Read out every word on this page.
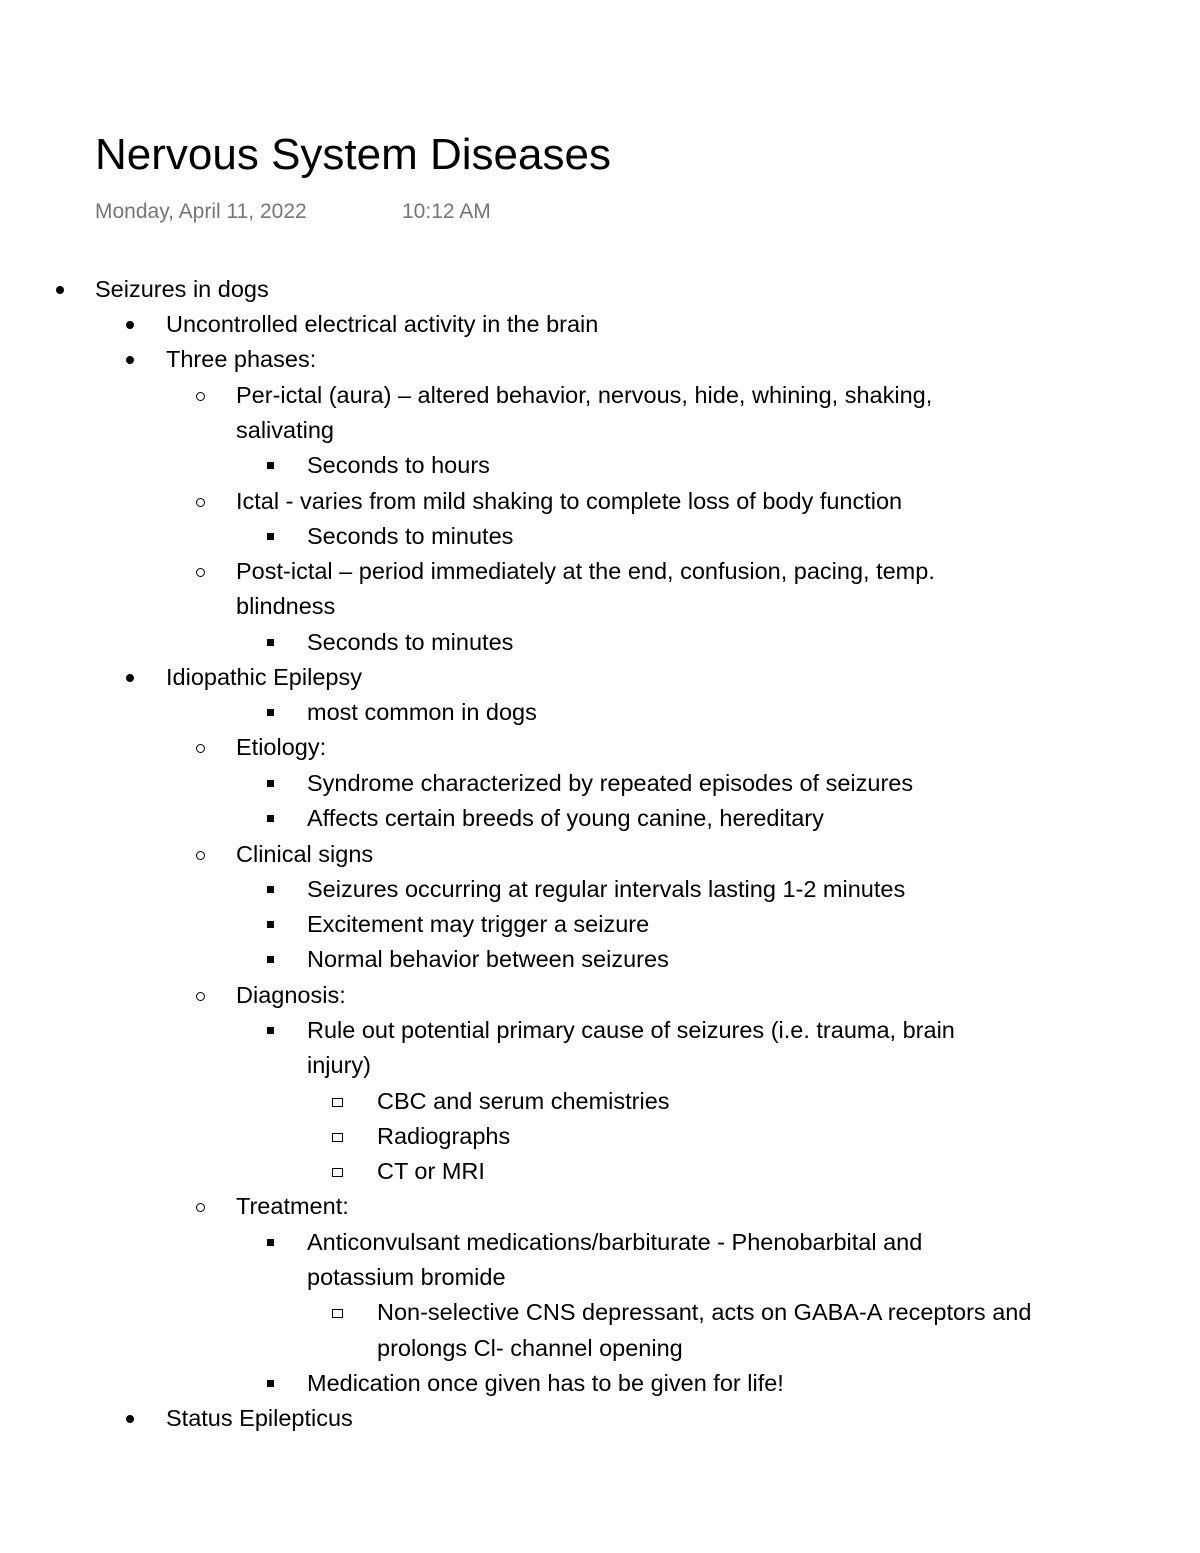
Nervous System Diseases
Monday, April 11, 2022	10:12 AM
Seizures in dogs
Uncontrolled electrical activity in the brain
Three phases:
Per-ictal (aura) – altered behavior, nervous, hide, whining, shaking,
salivating
Seconds to hours
Ictal - varies from mild shaking to complete loss of body function
Seconds to minutes
Post-ictal – period immediately at the end, confusion, pacing, temp.
blindness
Seconds to minutes
Idiopathic Epilepsy
most common in dogs
Etiology:
Syndrome characterized by repeated episodes of seizures
Affects certain breeds of young canine, hereditary
Clinical signs
Seizures occurring at regular intervals lasting 1-2 minutes
Excitement may trigger a seizure
Normal behavior between seizures
Diagnosis:
Rule out potential primary cause of seizures (i.e. trauma, brain
injury)
CBC and serum chemistries
Radiographs
CT or MRI
Treatment:
Anticonvulsant medications/barbiturate - Phenobarbital and
potassium bromide
Non-selective CNS depressant, acts on GABA-A receptors and
prolongs Cl- channel opening
Medication once given has to be given for life!
Status Epilepticus
